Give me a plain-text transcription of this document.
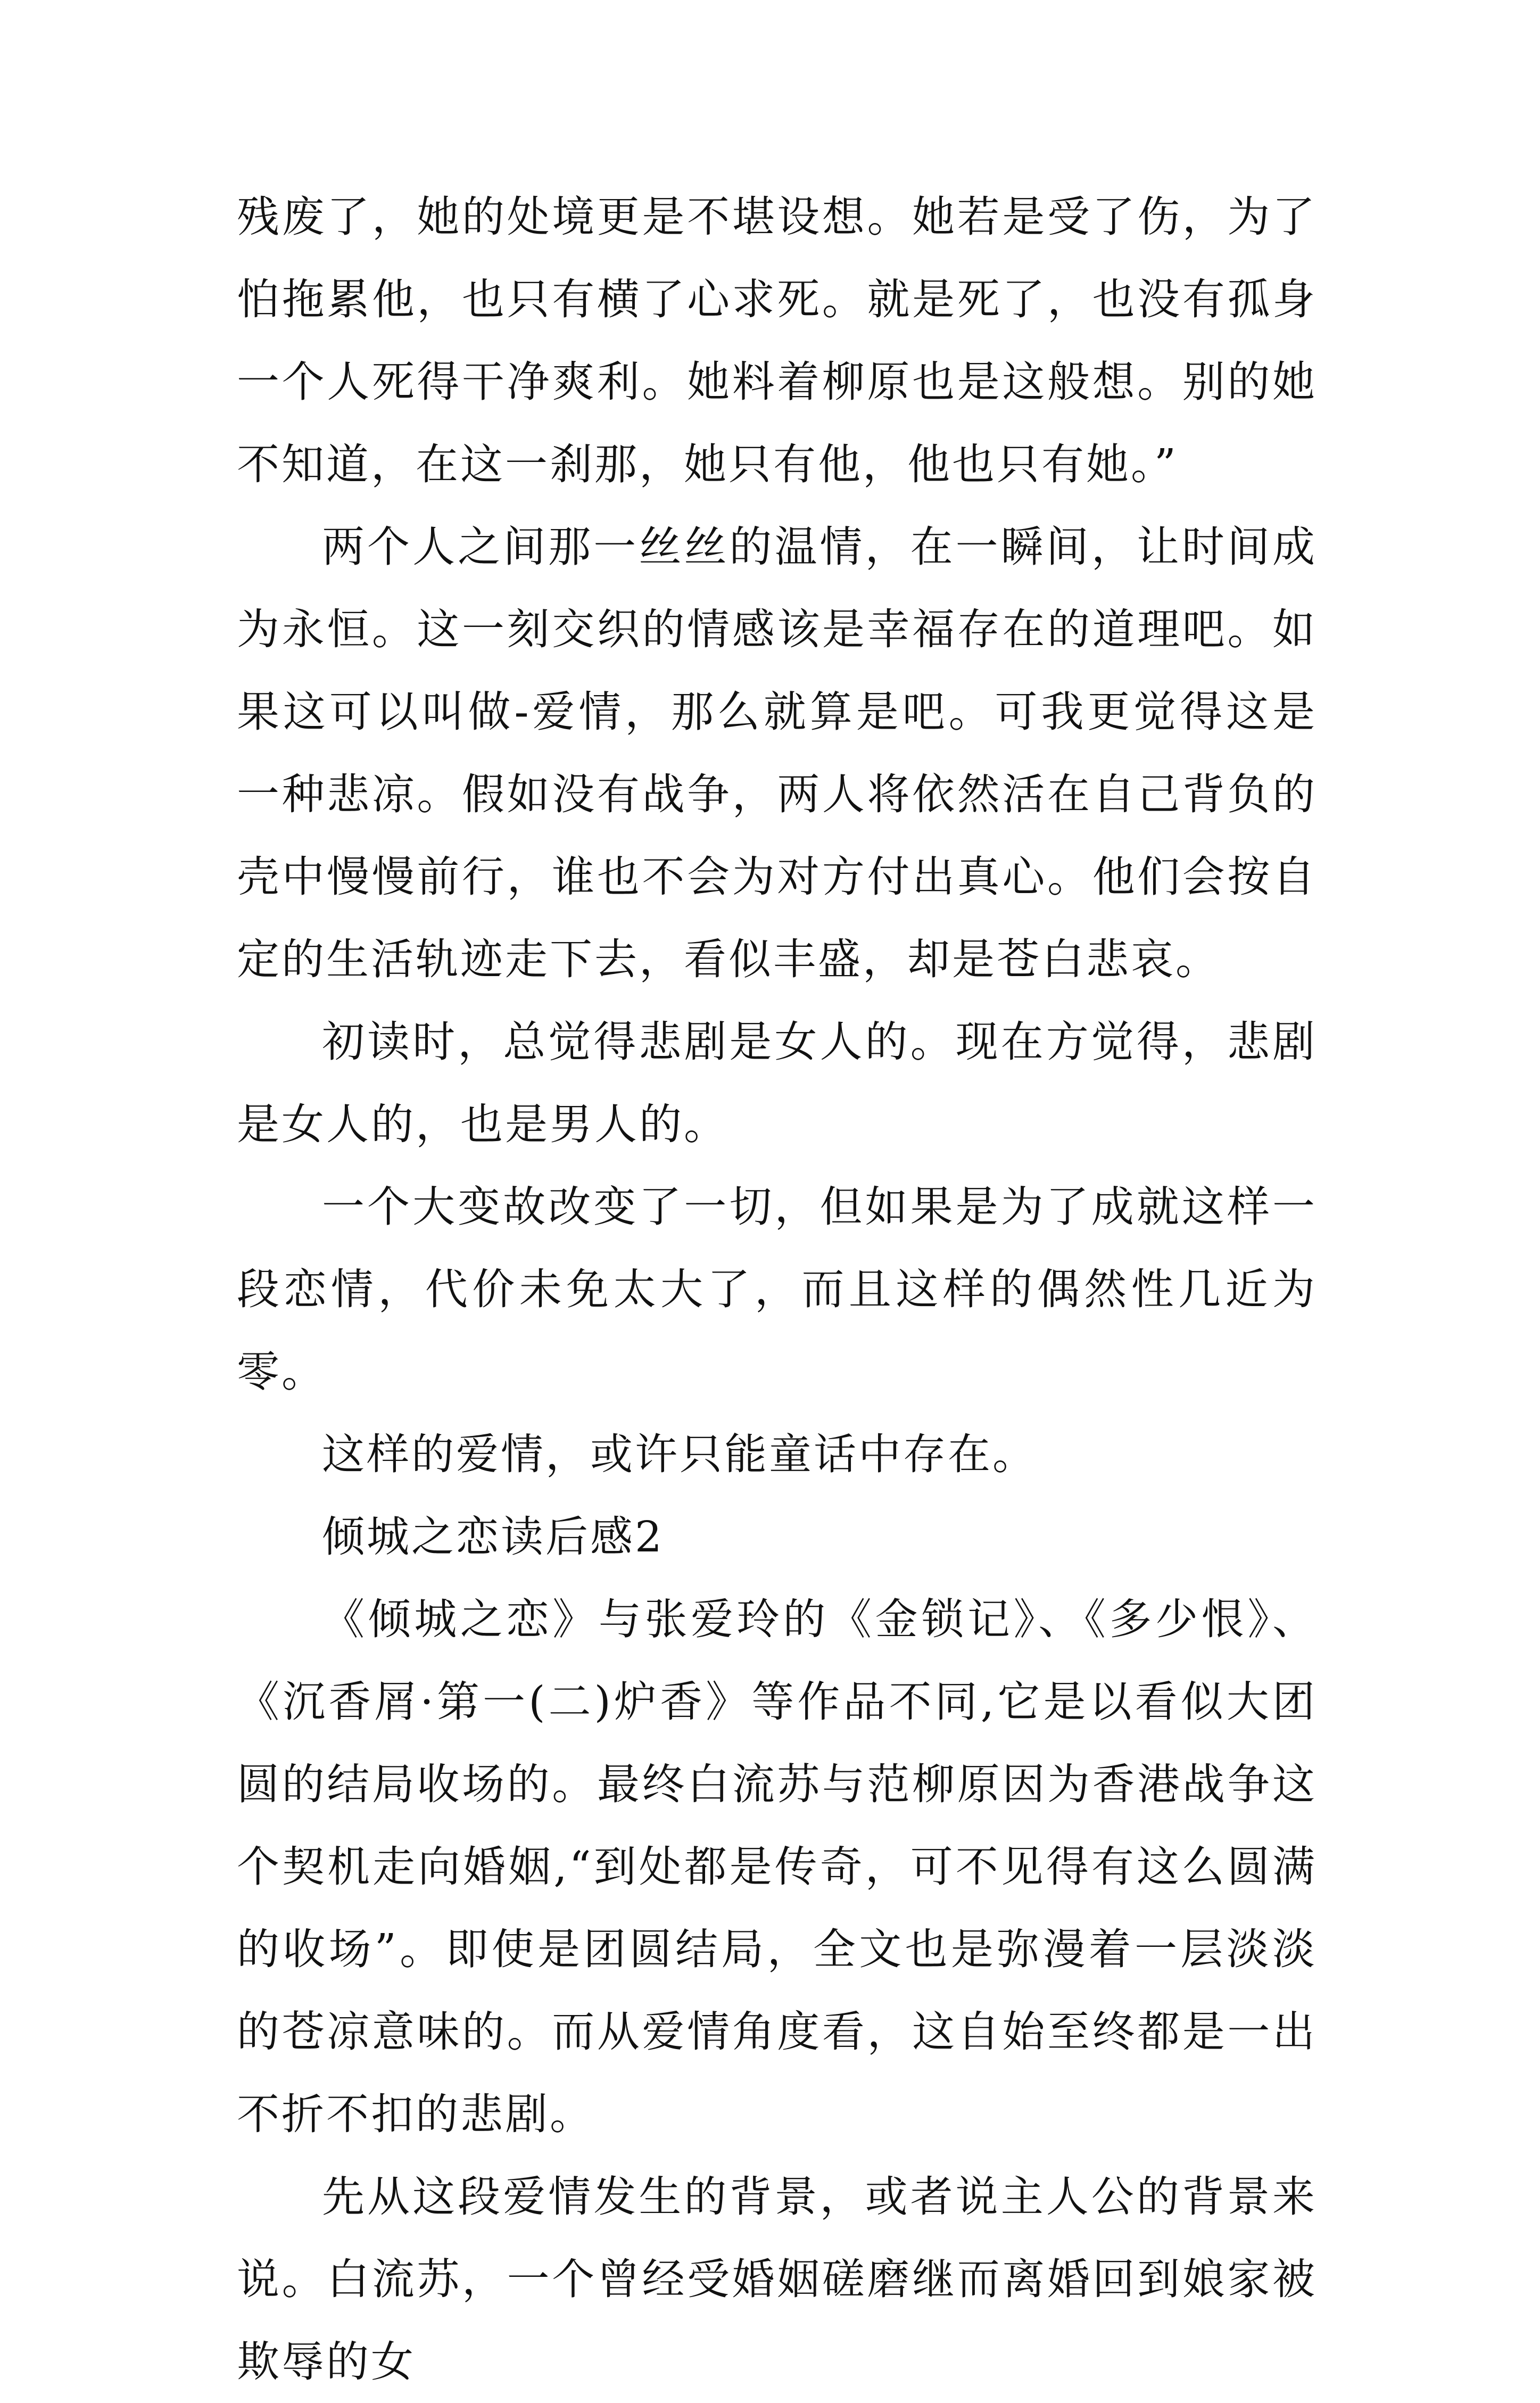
残废了，她的处境更是不堪设想。她若是受了伤，为了怕拖累他，也只有横了心求死。就是死了，也没有孤身一个人死得干净爽利。她料着柳原也是这般想。别的她不知道，在这一刹那，她只有他，他也只有她。”

两个人之间那一丝丝的温情，在一瞬间，让时间成为永恒。这一刻交织的情感该是幸福存在的道理吧。如果这可以叫做-爱情，那么就算是吧。可我更觉得这是一种悲凉。假如没有战争，两人将依然活在自己背负的壳中慢慢前行，谁也不会为对方付出真心。他们会按自定的生活轨迹走下去，看似丰盛，却是苍白悲哀。

初读时，总觉得悲剧是女人的。现在方觉得，悲剧是女人的，也是男人的。

一个大变故改变了一切，但如果是为了成就这样一段恋情，代价未免太大了，而且这样的偶然性几近为零。

这样的爱情，或许只能童话中存在。

倾城之恋读后感2

《倾城之恋》与张爱玲的《金锁记》、《多少恨》、《沉香屑·第一(二)炉香》等作品不同,它是以看似大团圆的结局收场的。最终白流苏与范柳原因为香港战争这个契机走向婚姻,“到处都是传奇，可不见得有这么圆满的收场”。即使是团圆结局，全文也是弥漫着一层淡淡的苍凉意味的。而从爱情角度看，这自始至终都是一出不折不扣的悲剧。

先从这段爱情发生的背景，或者说主人公的背景来说。白流苏，一个曾经受婚姻磋磨继而离婚回到娘家被欺辱的女
